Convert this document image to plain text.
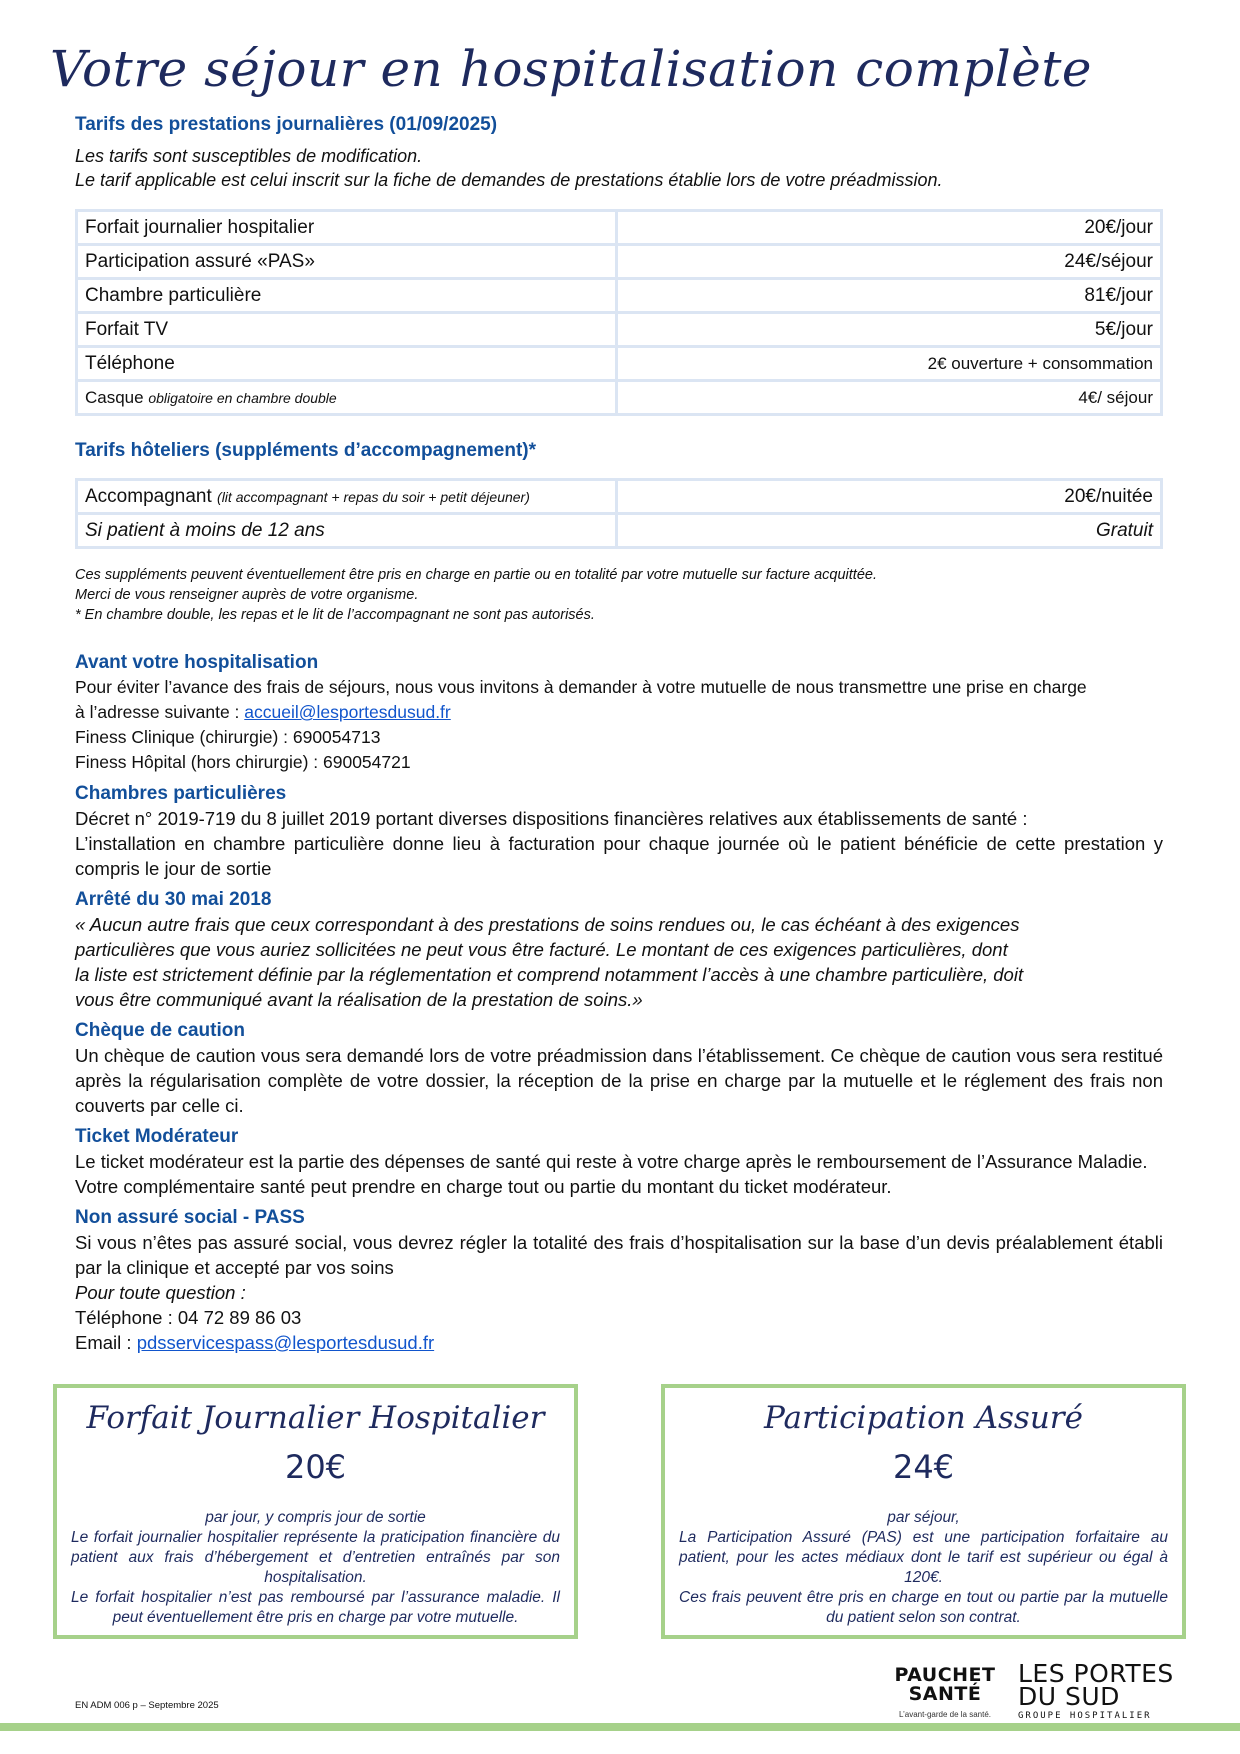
Votre séjour en hospitalisation complète
Tarifs des prestations journalières (01/09/2025)
Les tarifs sont susceptibles de modification.
Le tarif applicable est celui inscrit sur la fiche de demandes de prestations établie lors de votre préadmission.
Forfait journalier hospitalier	20€/jour
Participation assuré «PAS»	24€/séjour
Chambre particulière	81€/jour
Forfait TV	5€/jour
Téléphone	2€ ouverture + consommation
Casque obligatoire en chambre double	4€/ séjour
Tarifs hôteliers (suppléments d’accompagnement)*
Accompagnant (lit accompagnant + repas du soir + petit déjeuner)	20€/nuitée
Si patient à moins de 12 ans	Gratuit
Ces suppléments peuvent éventuellement être pris en charge en partie ou en totalité par votre mutuelle sur facture acquittée.
Merci de vous renseigner auprès de votre organisme.
* En chambre double, les repas et le lit de l’accompagnant ne sont pas autorisés.
Avant votre hospitalisation

Pour éviter l’avance des frais de séjours, nous vous invitons à demander à votre mutuelle de nous transmettre une prise en charge

à l’adresse suivante : accueil@lesportesdusud.fr

Finess Clinique (chirurgie) : 690054713

Finess Hôpital (hors chirurgie) : 690054721

Chambres particulières

Décret n° 2019-719 du 8 juillet 2019 portant diverses dispositions financières relatives aux établissements de santé :

L’installation en chambre particulière donne lieu à facturation pour chaque journée où le patient bénéficie de cette prestation y compris le jour de sortie

Arrêté du 30 mai 2018

« Aucun autre frais que ceux correspondant à des prestations de soins rendues ou, le cas échéant à des exigences

particulières que vous auriez sollicitées ne peut vous être facturé. Le montant de ces exigences particulières, dont

la liste est strictement définie par la réglementation et comprend notamment l’accès à une chambre particulière, doit

vous être communiqué avant la réalisation de la prestation de soins.»

Chèque de caution

Un chèque de caution vous sera demandé lors de votre préadmission dans l’établissement. Ce chèque de caution vous sera restitué après la régularisation complète de votre dossier, la réception de la prise en charge par la mutuelle et le réglement des frais non couverts par celle ci.

Ticket Modérateur

Le ticket modérateur est la partie des dépenses de santé qui reste à votre charge après le remboursement de l’Assurance Maladie.

Votre complémentaire santé peut prendre en charge tout ou partie du montant du ticket modérateur.

Non assuré social - PASS

Si vous n’êtes pas assuré social, vous devrez régler la totalité des frais d’hospitalisation sur la base d’un devis préalablement établi par la clinique et accepté par vos soins

Pour toute question :

Téléphone : 04 72 89 86 03

Email : pdsservicespass@lesportesdusud.fr

Forfait Journalier Hospitalier
20€
par jour, y compris jour de sortie
Le forfait journalier hospitalier représente la praticipation financière du patient aux frais d’hébergement et d’entretien entraînés par son hospitalisation.
Le forfait hospitalier n’est pas remboursé par l’assurance maladie. Il peut éventuellement être pris en charge par votre mutuelle.
Participation Assuré
24€
par séjour,
La Participation Assuré (PAS) est une participation forfaitaire au patient, pour les actes médiaux dont le tarif est supérieur ou égal à 120€.
Ces frais peuvent être pris en charge en tout ou partie par la mutuelle du patient selon son contrat.
PAUCHET
SANTÉ
L’avant-garde de la santé.
LES PORTES
DU SUD
GROUPE HOSPITALIER
EN ADM 006 p – Septembre 2025
